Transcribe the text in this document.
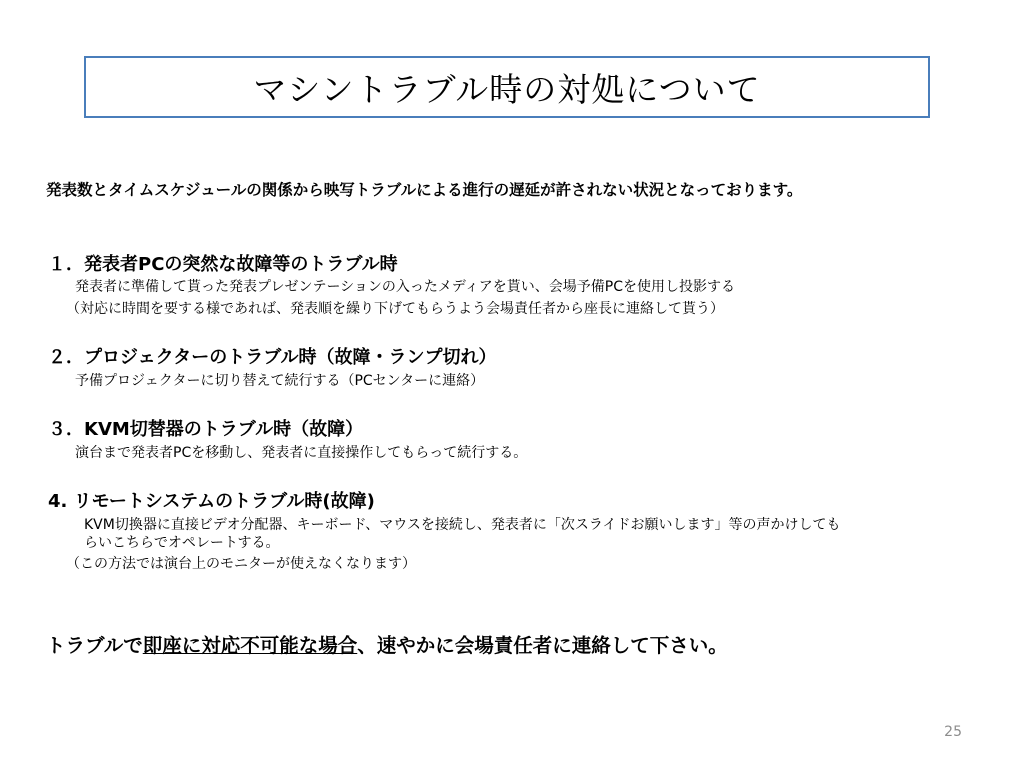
マシントラブル時の対処について
発表数とタイムスケジュールの関係から映写トラブルによる進行の遅延が許されない状況となっております。
１．発表者PCの突然な故障等のトラブル時
発表者に準備して貰った発表プレゼンテーションの入ったメディアを貰い、会場予備PCを使用し投影する
（対応に時間を要する様であれば、発表順を繰り下げてもらうよう会場責任者から座長に連絡して貰う）
２．プロジェクターのトラブル時（故障・ランプ切れ）
予備プロジェクターに切り替えて続行する（PCセンターに連絡）
３．KVM切替器のトラブル時（故障）
演台まで発表者PCを移動し、発表者に直接操作してもらって続行する。
4. リモートシステムのトラブル時(故障)
KVM切換器に直接ビデオ分配器、キーボード、マウスを接続し、発表者に「次スライドお願いします」等の声かけしても
らいこちらでオペレートする。
（この方法では演台上のモニターが使えなくなります）
トラブルで即座に対応不可能な場合、速やかに会場責任者に連絡して下さい。
25
